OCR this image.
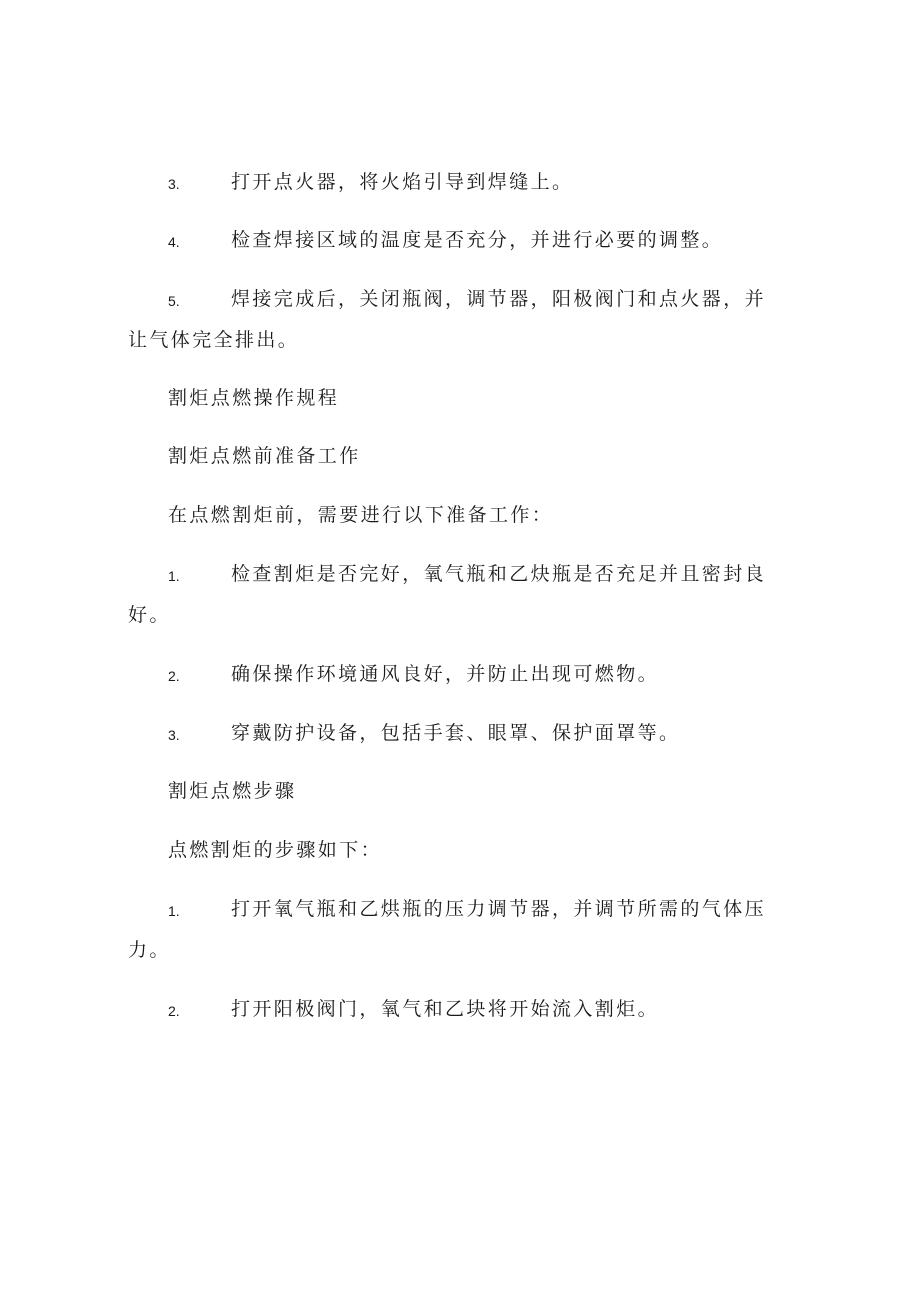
3.	打开点火器，将火焰引导到焊缝上。
4.	检查焊接区域的温度是否充分，并进行必要的调整。
5.	焊接完成后，关闭瓶阀，调节器，阳极阀门和点火器，并
让气体完全排出。
割炬点燃操作规程
割炬点燃前准备工作
在点燃割炬前，需要进行以下准备工作：
1.	检查割炬是否完好，氧气瓶和乙炔瓶是否充足并且密封良
好。
2.	确保操作环境通风良好，并防止出现可燃物。
3.	穿戴防护设备，包括手套、眼罩、保护面罩等。
割炬点燃步骤
点燃割炬的步骤如下：
1.	打开氧气瓶和乙烘瓶的压力调节器，并调节所需的气体压
力。
2.	打开阳极阀门，氧气和乙块将开始流入割炬。
